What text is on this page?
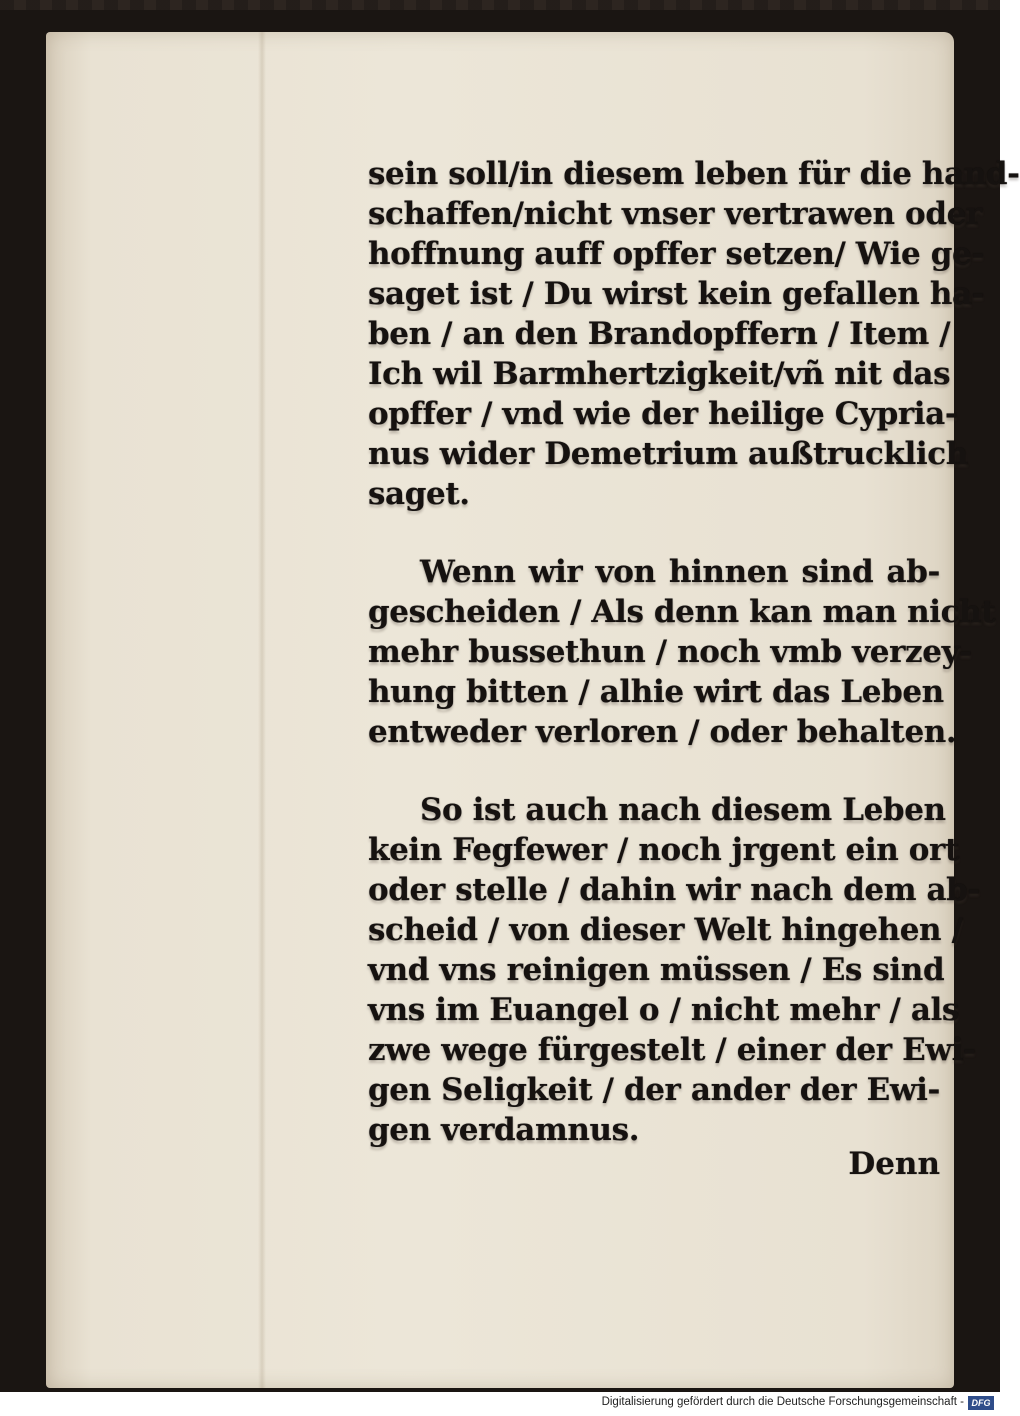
sein soll/in diesem leben für die hand-
schaffen/nicht vnser vertrawen oder
hoffnung auff opffer setzen/ Wie ge-
saget ist / Du wirst kein gefallen ha-
ben / an den Brandopffern / Item /
Ich wil Barmhertzigkeit/vñ nit das
opffer / vnd wie der heilige Cypria-
nus wider Demetrium außtrucklich
saget.
Wenn wir von hinnen sind ab-
gescheiden / Als denn kan man nicht
mehr bussethun / noch vmb verzey-
hung bitten / alhie wirt das Leben
entweder verloren / oder behalten.
So ist auch nach diesem Leben
kein Fegfewer / noch jrgent ein ort
oder stelle / dahin wir nach dem ab-
scheid / von dieser Welt hingehen /
vnd vns reinigen müssen / Es sind
vns im Euangel o / nicht mehr / als
zwe wege fürgestelt / einer der Ewi-
gen Seligkeit / der ander der Ewi-
gen verdamnus.
Denn
Digitalisierung gefördert durch die Deutsche Forschungsgemeinschaft - DFG
